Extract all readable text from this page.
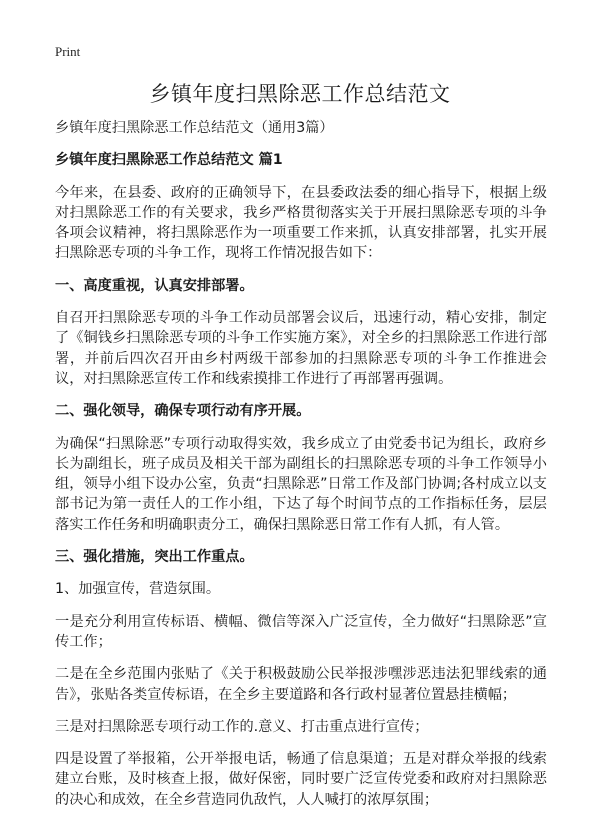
Print
乡镇年度扫黑除恶工作总结范文

乡镇年度扫黑除恶工作总结范文（通用3篇）

乡镇年度扫黑除恶工作总结范文 篇1

今年来，在县委、政府的正确领导下，在县委政法委的细心指导下，根据上级对扫黑除恶工作的有关要求，我乡严格贯彻落实关于开展扫黑除恶专项的斗争各项会议精神，将扫黑除恶作为一项重要工作来抓，认真安排部署，扎实开展扫黑除恶专项的斗争工作，现将工作情况报告如下：

一、高度重视，认真安排部署。

自召开扫黑除恶专项的斗争工作动员部署会议后，迅速行动，精心安排，制定了《铜钱乡扫黑除恶专项的斗争工作实施方案》，对全乡的扫黑除恶工作进行部署，并前后四次召开由乡村两级干部参加的扫黑除恶专项的斗争工作推进会议，对扫黑除恶宣传工作和线索摸排工作进行了再部署再强调。

二、强化领导，确保专项行动有序开展。

为确保“扫黑除恶”专项行动取得实效，我乡成立了由党委书记为组长，政府乡长为副组长，班子成员及相关干部为副组长的扫黑除恶专项的斗争工作领导小组，领导小组下设办公室，负责“扫黑除恶”日常工作及部门协调;各村成立以支部书记为第一责任人的工作小组，下达了每个时间节点的工作指标任务，层层落实工作任务和明确职责分工，确保扫黑除恶日常工作有人抓，有人管。

三、强化措施，突出工作重点。

1、加强宣传，营造氛围。

一是充分利用宣传标语、横幅、微信等深入广泛宣传，全力做好“扫黑除恶”宣传工作；

二是在全乡范围内张贴了《关于积极鼓励公民举报涉嘿涉恶违法犯罪线索的通告》，张贴各类宣传标语，在全乡主要道路和各行政村显著位置悬挂横幅；

三是对扫黑除恶专项行动工作的.意义、打击重点进行宣传；

四是设置了举报箱，公开举报电话，畅通了信息渠道；五是对群众举报的线索建立台账，及时核查上报，做好保密，同时要广泛宣传党委和政府对扫黑除恶的决心和成效，在全乡营造同仇敌忾，人人喊打的浓厚氛围；
